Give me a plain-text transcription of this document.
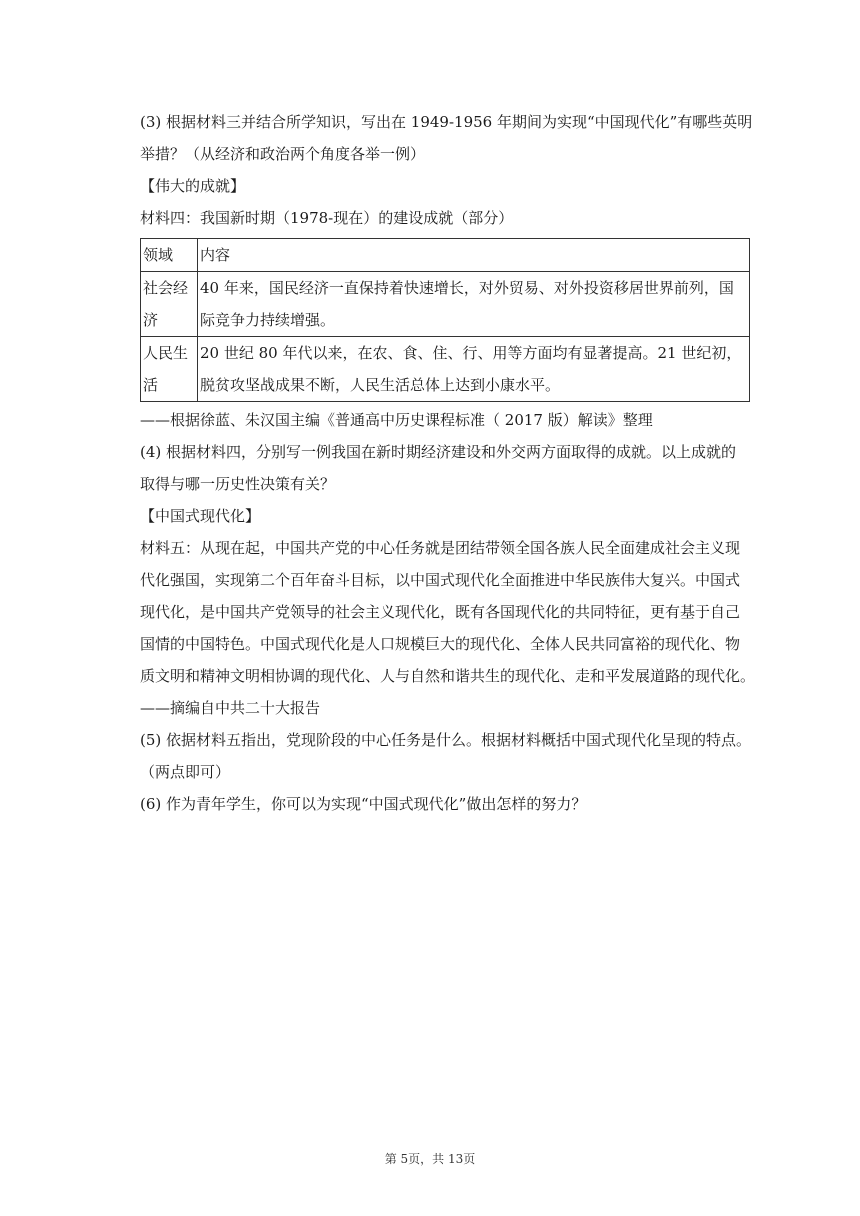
(3) 根据材料三并结合所学知识，写出在 1949-1956 年期间为实现“中国现代化”有哪些英明

举措？（从经济和政治两个角度各举一例）

【伟大的成就】

材料四：我国新时期（1978-现在）的建设成就（部分）

领域	内容
社会经济	40 年来，国民经济一直保持着快速增长，对外贸易、对外投资移居世界前列，国际竞争力持续增强。
人民生活	20 世纪 80 年代以来，在农、食、住、行、用等方面均有显著提高。21 世纪初，脱贫攻坚战成果不断，人民生活总体上达到小康水平。

——根据徐蓝、朱汉国主编《普通高中历史课程标准（ 2017 版）解读》整理

(4) 根据材料四，分别写一例我国在新时期经济建设和外交两方面取得的成就。以上成就的

取得与哪一历史性决策有关？

【中国式现代化】

材料五：从现在起，中国共产党的中心任务就是团结带领全国各族人民全面建成社会主义现

代化强国，实现第二个百年奋斗目标，以中国式现代化全面推进中华民族伟大复兴。中国式

现代化，是中国共产党领导的社会主义现代化，既有各国现代化的共同特征，更有基于自己

国情的中国特色。中国式现代化是人口规模巨大的现代化、全体人民共同富裕的现代化、物

质文明和精神文明相协调的现代化、人与自然和谐共生的现代化、走和平发展道路的现代化。

——摘编自中共二十大报告

(5) 依据材料五指出，党现阶段的中心任务是什么。根据材料概括中国式现代化呈现的特点。

（两点即可）

(6) 作为青年学生，你可以为实现“中国式现代化”做出怎样的努力？

第 5页，共 13页
